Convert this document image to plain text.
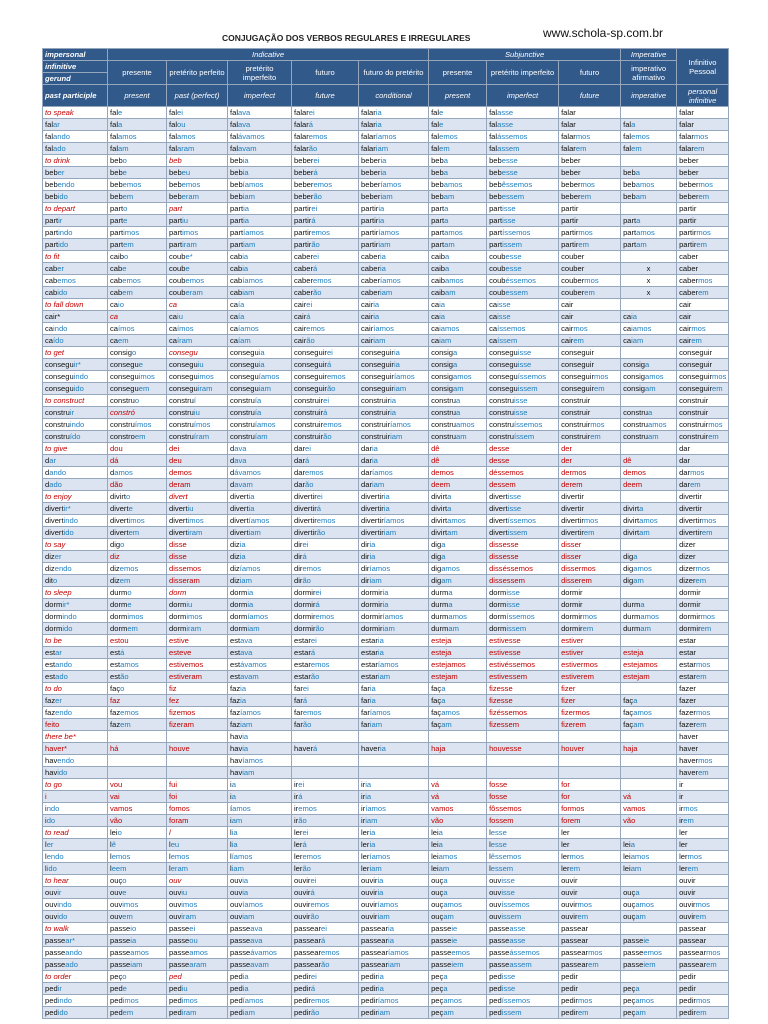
CONJUGAÇÃO DOS VERBOS REGULARES E IRREGULARES	www.schola-sp.com.br
impersonal	Indicative					Subjunctive			Imperative	Infinitivo Pessoal
infinitive	presente	pretérito perfeito	pretérito imperfeito	futuro	futuro do pretérito	presente	pretérito imperfeito	futuro	imperativo afirmativo	
gerund										
past participle	present	past (perfect)	imperfect	future	conditional	present	imperfect	future	imperative	personal infinitive
to speak	fale	falei	falava	falarei	falaria	fale	falasse	falar		falar
falar	fala	falou	falava	falará	falaria	fale	falasse	falar	fala	falar
falando	falamos	falamos	falávamos	falaremos	falaríamos	falemos	falássemos	falarmos	falemos	falarmos
falado	falam	falaram	falavam	falarão	falariam	falem	falassem	falarem	falem	falarem
to drink	bebo	beb	bebia	beberei	beberia	beba	bebesse	beber		beber
beber	bebe	bebeu	bebia	beberá	beberia	beba	bebesse	beber	beba	beber
bebendo	bebemos	bebemos	bebíamos	beberemos	beberíamos	bebamos	bebêssemos	bebermos	bebamos	bebermos
bebido	bebem	beberam	bebiam	beberão	beberiam	bebam	bebessem	beberem	bebam	beberem
to depart	parto	part	partia	partirei	partiria	parta	partisse	partir		partir
partir	parte	partiu	partia	partirá	partiria	parta	partisse	partir	parta	partir
partindo	partimos	partimos	partíamos	partiremos	partiríamos	partamos	partíssemos	partirmos	partamos	partirmos
partido	partem	partiram	partiam	partirão	partiriam	partam	partissem	partirem	partam	partirem
to fit	caibo	coube*	cabia	caberei	caberia	caiba	coubesse	couber		caber
caber	cabe	coube	cabia	caberá	caberia	caiba	coubesse	couber	x	caber
cabemos	cabemos	coubemos	cabíamos	caberemos	caberíamos	caibamos	coubéssemos	coubermos	x	cabermos
cabido	cabem	couberam	cabiam	caberão	caberiam	caibam	coubessem	couberem	x	caberem
to fall down	caio	ca	caía	cairei	cairia	caia	caisse	cair		cair
cair*	ca	caiu	caía	cairá	cairia	caia	caisse	cair	caia	cair
caindo	caímos	caímos	caíamos	cairemos	cairíamos	caiamos	caíssemos	cairmos	caiamos	cairmos
caído	caem	caíram	caíam	cairão	cairiam	caiam	caíssem	cairem	caiam	cairem
to get	consigo	consegu	conseguia	conseguirei	conseguiria	consiga	conseguisse	conseguir		conseguir
conseguir*	consegue	conseguiu	conseguia	conseguirá	conseguiria	consiga	conseguisse	conseguir	consiga	conseguir
conseguindo	conseguimos	conseguimos	conseguíamos	conseguiremos	conseguiríamos	consigamos	conseguíssemos	conseguirmos	consigamos	conseguirmos
conseguido	conseguem	conseguiram	conseguiam	conseguirão	conseguiriam	consigam	conseguissem	conseguirem	consigam	conseguirem
to construct	construo	construí	construía	construirei	construiria	construa	construisse	construir		construir
construir	constró	construiu	construía	construirá	construiria	construa	construisse	construir	construa	construir
construindo	construímos	construímos	construíamos	construiremos	construiríamos	construamos	construíssemos	construirmos	construamos	construirmos
construído	constroem	construíram	construíam	construirão	construiriam	construam	construíssem	construirem	construam	construirem
to give	dou	dei	dava	darei	daria	dê	desse	der		dar
dar	dá	deu	dava	dará	daria	dê	desse	der	dê	dar
dando	damos	demos	dávamos	daremos	daríamos	demos	déssemos	dermos	demos	darmos
dado	dão	deram	davam	darão	dariam	deem	dessem	derem	deem	darem
to enjoy	divirto	divert	divertia	divertirei	divertiria	divirta	divertisse	divertir		divertir
divertir*	diverte	divertiu	divertia	divertirá	divertiria	divirta	divertisse	divertir	divirta	divertir
divertindo	divertimos	divertimos	divertíamos	divertiremos	divertiríamos	divirtamos	divertíssemos	divertirmos	divirtamos	divertirmos
divertido	divertem	divertiram	divertiam	divertirão	divertiriam	divirtam	divertissem	divertirem	divirtam	divertirem
to say	digo	disse	dizia	direi	diria	diga	dissesse	disser		dizer
dizer	diz	disse	dizia	dirá	diria	diga	dissesse	disser	diga	dizer
dizendo	dizemos	dissemos	dizíamos	diremos	diríamos	digamos	disséssemos	dissermos	digamos	dizermos
dito	dizem	disseram	diziam	dirão	diriam	digam	dissessem	disserem	digam	dizerem
to sleep	durmo	dorm	dormia	dormirei	dormiria	durma	dormisse	dormir		dormir
dormir*	dorme	dormiu	dormia	dormirá	dormiria	durma	dormisse	dormir	durma	dormir
dormindo	dormimos	dormimos	dormíamos	dormiremos	dormiríamos	durmamos	dormíssemos	dormirmos	durmamos	dormirmos
dormido	dormem	dormiram	dormiam	dormirão	dormiriam	durmam	dormissem	dormirem	durmam	dormirem
to be	estou	estive	estava	estarei	estaria	esteja	estivesse	estiver		estar
estar	está	esteve	estava	estará	estaria	esteja	estivesse	estiver	esteja	estar
estando	estamos	estivemos	estávamos	estaremos	estaríamos	estejamos	estivéssemos	estivermos	estejamos	estarmos
estado	estão	estiveram	estavam	estarão	estariam	estejam	estivessem	estiverem	estejam	estarem
to do	faço	fiz	fazia	farei	faria	faça	fizesse	fizer		fazer
fazer	faz	fez	fazia	fará	faria	faça	fizesse	fizer	faça	fazer
fazendo	fazemos	fizemos	fazíamos	faremos	faríamos	façamos	fizéssemos	fizermos	façamos	fazermos
feito	fazem	fizeram	faziam	farão	fariam	façam	fizessem	fizerem	façam	fazerem
there be*			havia							haver
haver*	há	houve	havia	haverá	haveria	haja	houvesse	houver	haja	haver
havendo			havíamos							havermos
havido			haviam							haverem
to go	vou	fui	ia	irei	iria	vá	fosse	for		ir
i	vai	foi	ia	irá	iria	vá	fosse	for	vá	ir
indo	vamos	fomos	íamos	iremos	iríamos	vamos	fôssemos	formos	vamos	irmos
ido	vão	foram	iam	irão	iriam	vão	fossem	forem	vão	irem
to read	leio	l	lia	lerei	leria	leia	lesse	ler		ler
ler	lê	leu	lia	lerá	leria	leia	lesse	ler	leia	ler
lendo	lemos	lemos	líamos	leremos	leríamos	leiamos	lêssemos	lermos	leiamos	lermos
lido	leem	leram	liam	lerão	leriam	leiam	lessem	lerem	leiam	lerem
to hear	ouço	ouv	ouvia	ouvirei	ouviria	ouça	ouvisse	ouvir		ouvir
ouvir	ouve	ouviu	ouvia	ouvirá	ouviria	ouça	ouvisse	ouvir	ouça	ouvir
ouvindo	ouvimos	ouvimos	ouvíamos	ouviremos	ouviríamos	ouçamos	ouvíssemos	ouvirmos	ouçamos	ouvirmos
ouvido	ouvem	ouviram	ouviam	ouvirão	ouviriam	ouçam	ouvissem	ouvirem	ouçam	ouvirem
to walk	passeio	passeei	passeava	passearei	passearia	passeie	passeasse	passear		passear
passear*	passeia	passeou	passeava	passeará	passearia	passeie	passeasse	passear	passeie	passear
passeando	passeamos	passeamos	passeávamos	passearemos	passearíamos	passeemos	passeássemos	passearmos	passeemos	passearmos
passeado	passeiam	passearam	passeavam	passearão	passeariam	passeiem	passeassem	passearem	passeiem	passearem
to order	peço	ped	pedia	pedirei	pediria	peça	pedisse	pedir		pedir
pedir	pede	pediu	pedia	pedirá	pediria	peça	pedisse	pedir	peça	pedir
pedindo	pedimos	pedimos	pedíamos	pediremos	pediríamos	peçamos	pedíssemos	pedirmos	peçamos	pedirmos
pedido	pedem	pediram	pediam	pedirão	pediriam	peçam	pedissem	pedirem	peçam	pedirem
